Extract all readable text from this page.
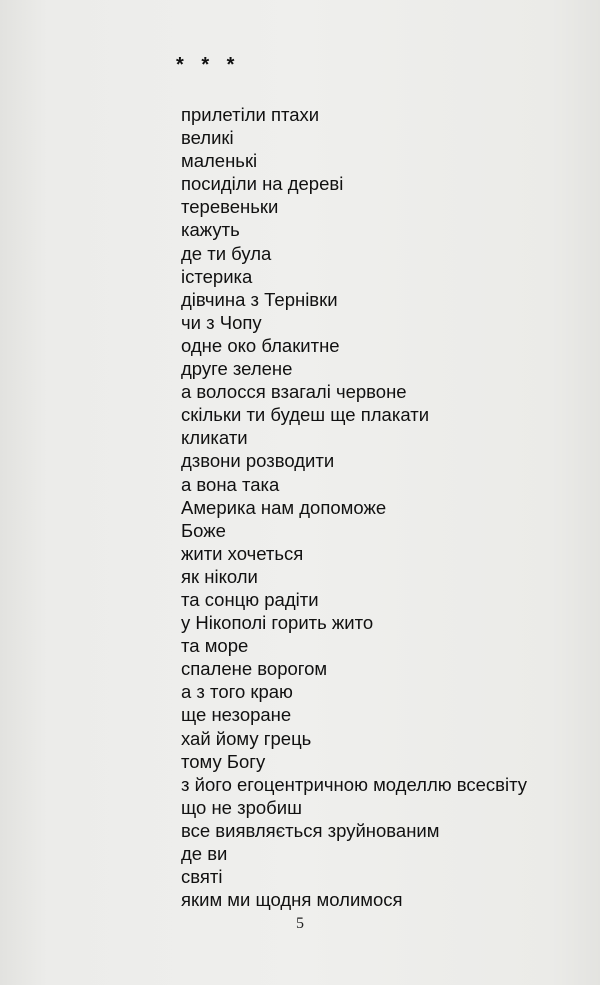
* * *
прилетіли птахи
великі
маленькі
посиділи на дереві
теревеньки
кажуть
де ти була
істерика
дівчина з Тернівки
чи з Чопу
одне око блакитне
друге зелене
а волосся взагалі червоне
скільки ти будеш ще плакати
кликати
дзвони розводити
а вона така
Америка нам допоможе
Боже
жити хочеться
як ніколи
та сонцю радіти
у Нікополі горить жито
та море
спалене ворогом
а з того краю
ще незоране
хай йому грець
тому Богу
з його егоцентричною моделлю всесвіту
що не зробиш
все виявляється зруйнованим
де ви
святі
яким ми щодня молимося
5
